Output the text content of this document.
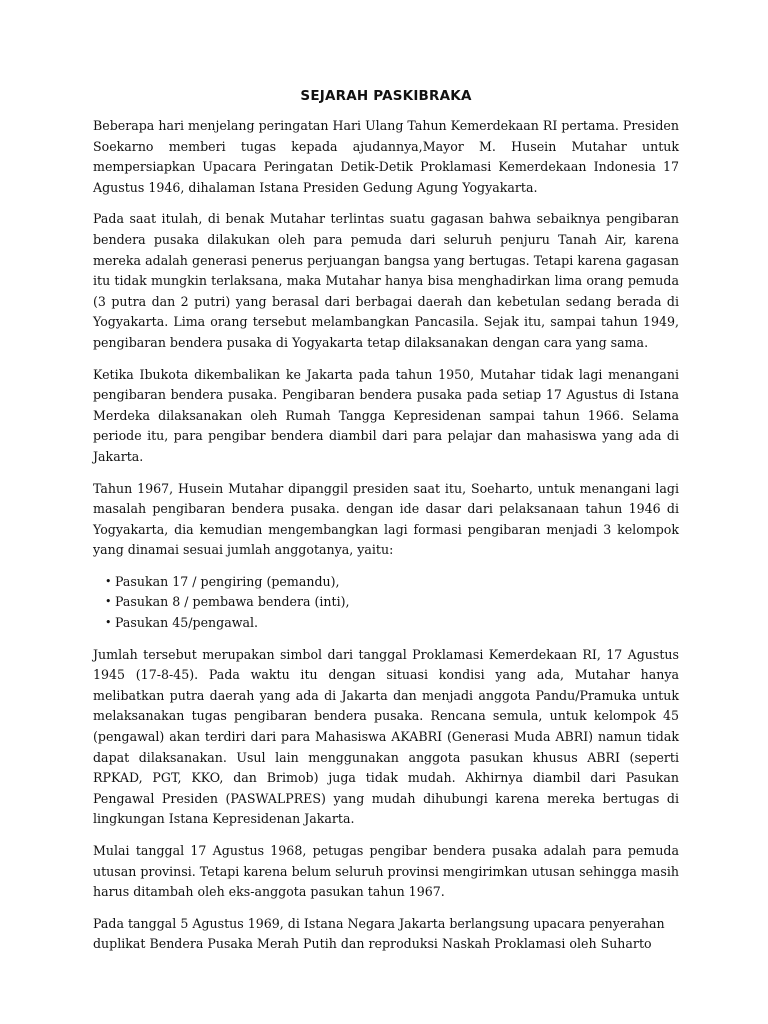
SEJARAH PASKIBRAKA

Beberapa hari menjelang peringatan Hari Ulang Tahun Kemerdekaan RI pertama. Presiden Soekarno memberi tugas kepada ajudannya,Mayor M. Husein Mutahar untuk mempersiapkan Upacara Peringatan Detik-Detik Proklamasi Kemerdekaan Indonesia 17 Agustus 1946, dihalaman Istana Presiden Gedung Agung Yogyakarta.

Pada saat itulah, di benak Mutahar terlintas suatu gagasan bahwa sebaiknya pengibaran bendera pusaka dilakukan oleh para pemuda dari seluruh penjuru Tanah Air, karena mereka adalah generasi penerus perjuangan bangsa yang bertugas. Tetapi karena gagasan itu tidak mungkin terlaksana, maka Mutahar hanya bisa menghadirkan lima orang pemuda (3 putra dan 2 putri) yang berasal dari berbagai daerah dan kebetulan sedang berada di Yogyakarta. Lima orang tersebut melambangkan Pancasila. Sejak itu, sampai tahun 1949, pengibaran bendera pusaka di Yogyakarta tetap dilaksanakan dengan cara yang sama.

Ketika Ibukota dikembalikan ke Jakarta pada tahun 1950, Mutahar tidak lagi menangani pengibaran bendera pusaka. Pengibaran bendera pusaka pada setiap 17 Agustus di Istana Merdeka dilaksanakan oleh Rumah Tangga Kepresidenan sampai tahun 1966. Selama periode itu, para pengibar bendera diambil dari para pelajar dan mahasiswa yang ada di Jakarta.

Tahun 1967, Husein Mutahar dipanggil presiden saat itu, Soeharto, untuk menangani lagi masalah pengibaran bendera pusaka. dengan ide dasar dari pelaksanaan tahun 1946 di Yogyakarta, dia kemudian mengembangkan lagi formasi pengibaran menjadi 3 kelompok yang dinamai sesuai jumlah anggotanya, yaitu:

• Pasukan 17 / pengiring (pemandu),
• Pasukan 8 / pembawa bendera (inti),
• Pasukan 45/pengawal.

Jumlah tersebut merupakan simbol dari tanggal Proklamasi Kemerdekaan RI, 17 Agustus 1945 (17-8-45). Pada waktu itu dengan situasi kondisi yang ada, Mutahar hanya melibatkan putra daerah yang ada di Jakarta dan menjadi anggota Pandu/Pramuka untuk melaksanakan tugas pengibaran bendera pusaka. Rencana semula, untuk kelompok 45 (pengawal) akan terdiri dari para Mahasiswa AKABRI (Generasi Muda ABRI) namun tidak dapat dilaksanakan. Usul lain menggunakan anggota pasukan khusus ABRI (seperti RPKAD, PGT, KKO, dan Brimob) juga tidak mudah. Akhirnya diambil dari Pasukan Pengawal Presiden (PASWALPRES) yang mudah dihubungi karena mereka bertugas di lingkungan Istana Kepresidenan Jakarta.

Mulai tanggal 17 Agustus 1968, petugas pengibar bendera pusaka adalah para pemuda utusan provinsi. Tetapi karena belum seluruh provinsi mengirimkan utusan sehingga masih harus ditambah oleh eks-anggota pasukan tahun 1967.

Pada tanggal 5 Agustus 1969, di Istana Negara Jakarta berlangsung upacara penyerahan duplikat Bendera Pusaka Merah Putih dan reproduksi Naskah Proklamasi oleh Suharto
